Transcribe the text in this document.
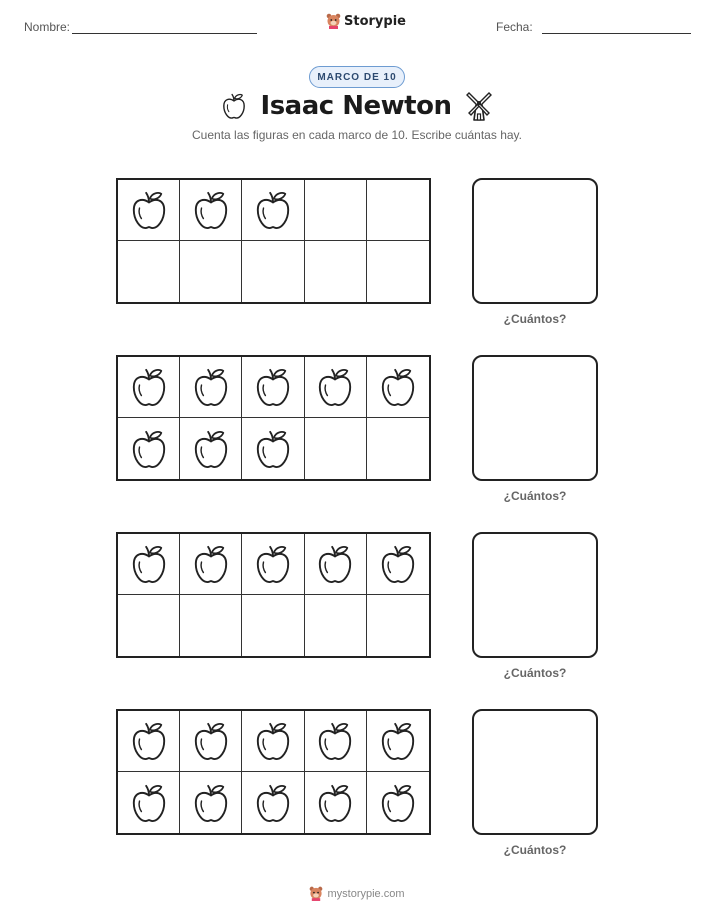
Nombre:	Storypie	Fecha:
MARCO DE 10
Isaac Newton
Cuenta las figuras en cada marco de 10. Escribe cuántas hay.
¿Cuántos?
¿Cuántos?
¿Cuántos?
¿Cuántos?
mystorypie.com
